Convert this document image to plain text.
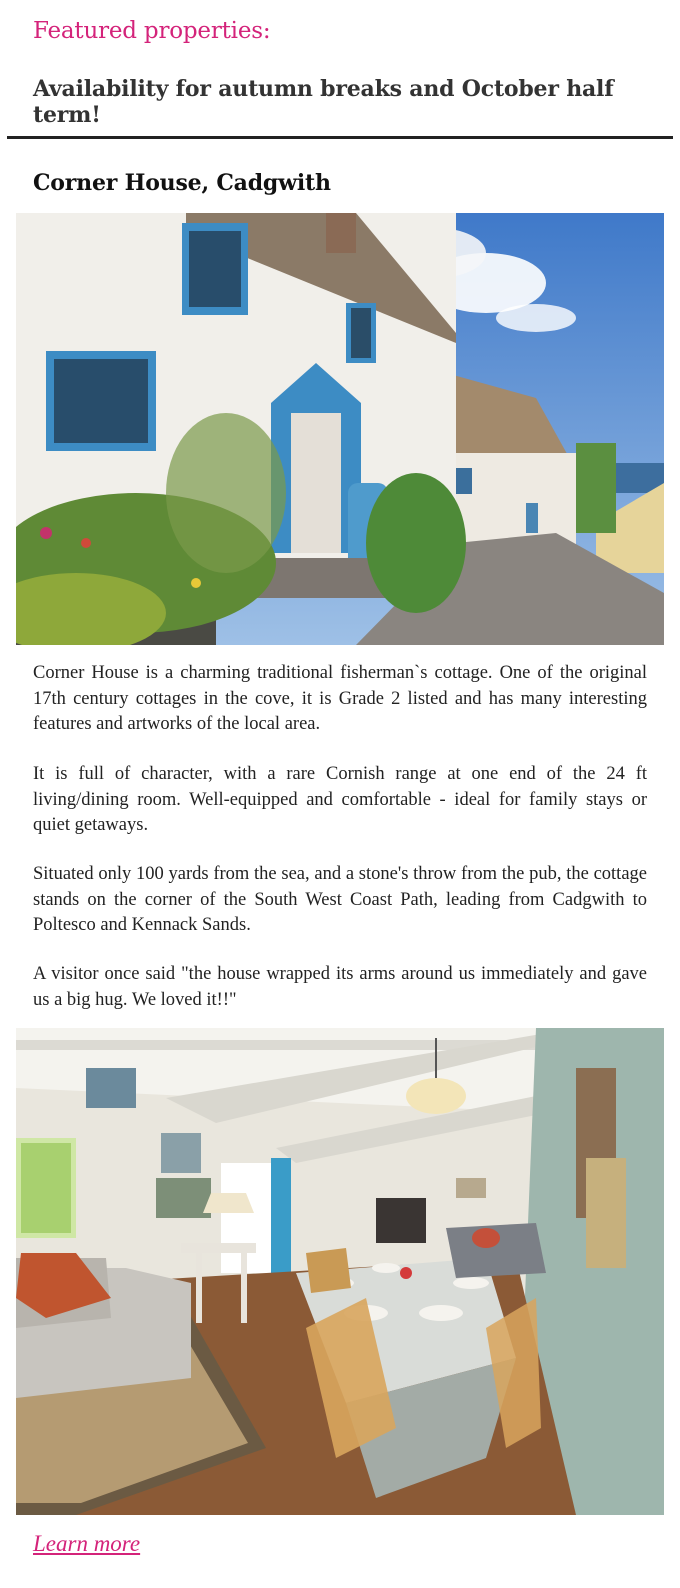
Featured properties:
Availability for autumn breaks and October half term!
Corner House, Cadgwith

Corner House is a charming traditional fisherman`s cottage. One of the original 17th century cottages in the cove, it is Grade 2 listed and has many interesting features and artworks of the local area.

It is full of character, with a rare Cornish range at one end of the 24 ft living/dining room. Well-equipped and comfortable - ideal for family stays or quiet getaways.

Situated only 100 yards from the sea, and a stone's throw from the pub, the cottage stands on the corner of the South West Coast Path, leading from Cadgwith to Poltesco and Kennack Sands.

A visitor once said "the house wrapped its arms around us immediately and gave us a big hug. We loved it!!"

Learn more
